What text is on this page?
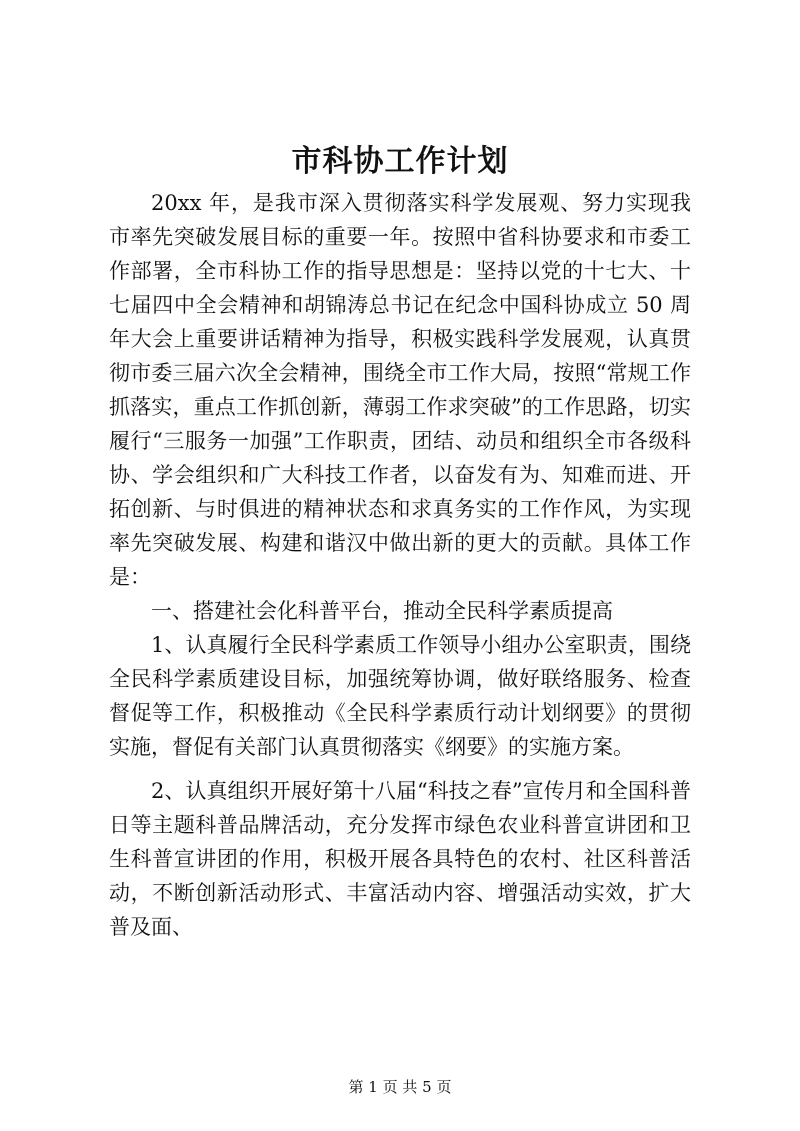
市科协工作计划

20xx 年，是我市深入贯彻落实科学发展观、努力实现我市率先突破发展目标的重要一年。按照中省科协要求和市委工作部署，全市科协工作的指导思想是：坚持以党的十七大、十七届四中全会精神和胡锦涛总书记在纪念中国科协成立 50 周年大会上重要讲话精神为指导，积极实践科学发展观，认真贯彻市委三届六次全会精神，围绕全市工作大局，按照“常规工作抓落实，重点工作抓创新，薄弱工作求突破”的工作思路，切实履行“三服务一加强”工作职责，团结、动员和组织全市各级科协、学会组织和广大科技工作者，以奋发有为、知难而进、开拓创新、与时俱进的精神状态和求真务实的工作作风，为实现率先突破发展、构建和谐汉中做出新的更大的贡献。具体工作是：

一、搭建社会化科普平台，推动全民科学素质提高

1、认真履行全民科学素质工作领导小组办公室职责，围绕全民科学素质建设目标，加强统筹协调，做好联络服务、检查督促等工作，积极推动《全民科学素质行动计划纲要》的贯彻实施，督促有关部门认真贯彻落实《纲要》的实施方案。

2、认真组织开展好第十八届“科技之春”宣传月和全国科普日等主题科普品牌活动，充分发挥市绿色农业科普宣讲团和卫生科普宣讲团的作用，积极开展各具特色的农村、社区科普活动，不断创新活动形式、丰富活动内容、增强活动实效，扩大普及面、

第 1 页 共 5 页
